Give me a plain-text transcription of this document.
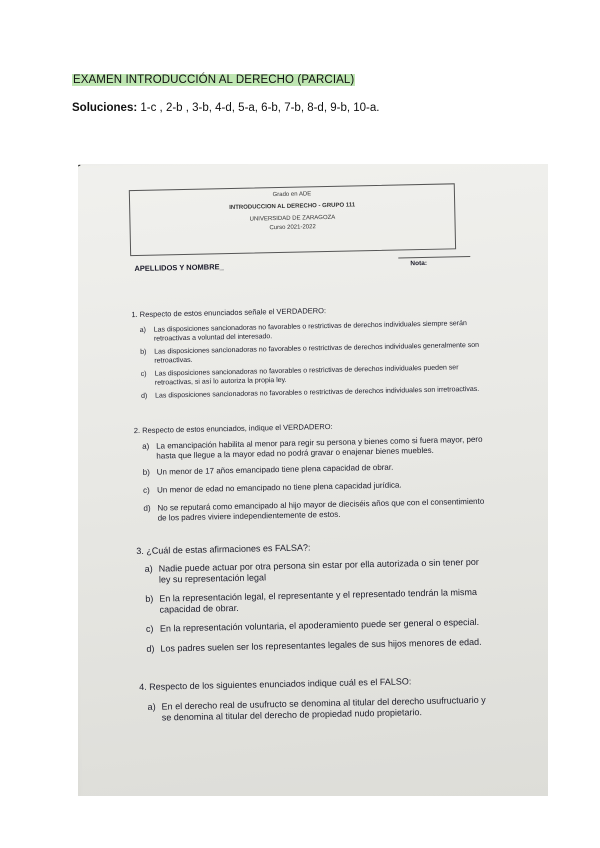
EXAMEN INTRODUCCIÓN AL DERECHO (PARCIAL)
Soluciones: 1-c , 2-b , 3-b, 4-d, 5-a, 6-b, 7-b, 8-d, 9-b, 10-a.
Grado en ADE
INTRODUCCION AL DERECHO - GRUPO 111
UNIVERSIDAD DE ZARAGOZA
Curso 2021-2022
APELLIDOS Y NOMBRE_	Nota:
1. Respecto de estos enunciados señale el VERDADERO:
a)	Las disposiciones sancionadoras no favorables o restrictivas de derechos individuales siempre serán retroactivas a voluntad del interesado.
b)	Las disposiciones sancionadoras no favorables o restrictivas de derechos individuales generalmente son retroactivas.
c)	Las disposiciones sancionadoras no favorables o restrictivas de derechos individuales pueden ser retroactivas, si así lo autoriza la propia ley.
d)	Las disposiciones sancionadoras no favorables o restrictivas de derechos individuales son irretroactivas.
2. Respecto de estos enunciados, indique el VERDADERO:
a) La emancipación habilita al menor para regir su persona y bienes como si fuera mayor, pero hasta que llegue a la mayor edad no podrá gravar o enajenar bienes muebles.
b) Un menor de 17 años emancipado tiene plena capacidad de obrar.
c) Un menor de edad no emancipado no tiene plena capacidad jurídica.
d) No se reputará como emancipado al hijo mayor de dieciséis años que con el consentimiento de los padres viviere independientemente de estos.
3. ¿Cuál de estas afirmaciones es FALSA?:
a) Nadie puede actuar por otra persona sin estar por ella autorizada o sin tener por ley su representación legal
b) En la representación legal, el representante y el representado tendrán la misma capacidad de obrar.
c) En la representación voluntaria, el apoderamiento puede ser general o especial.
d) Los padres suelen ser los representantes legales de sus hijos menores de edad.
4. Respecto de los siguientes enunciados indique cuál es el FALSO:
a) En el derecho real de usufructo se denomina al titular del derecho usufructuario y se denomina al titular del derecho de propiedad nudo propietario.
